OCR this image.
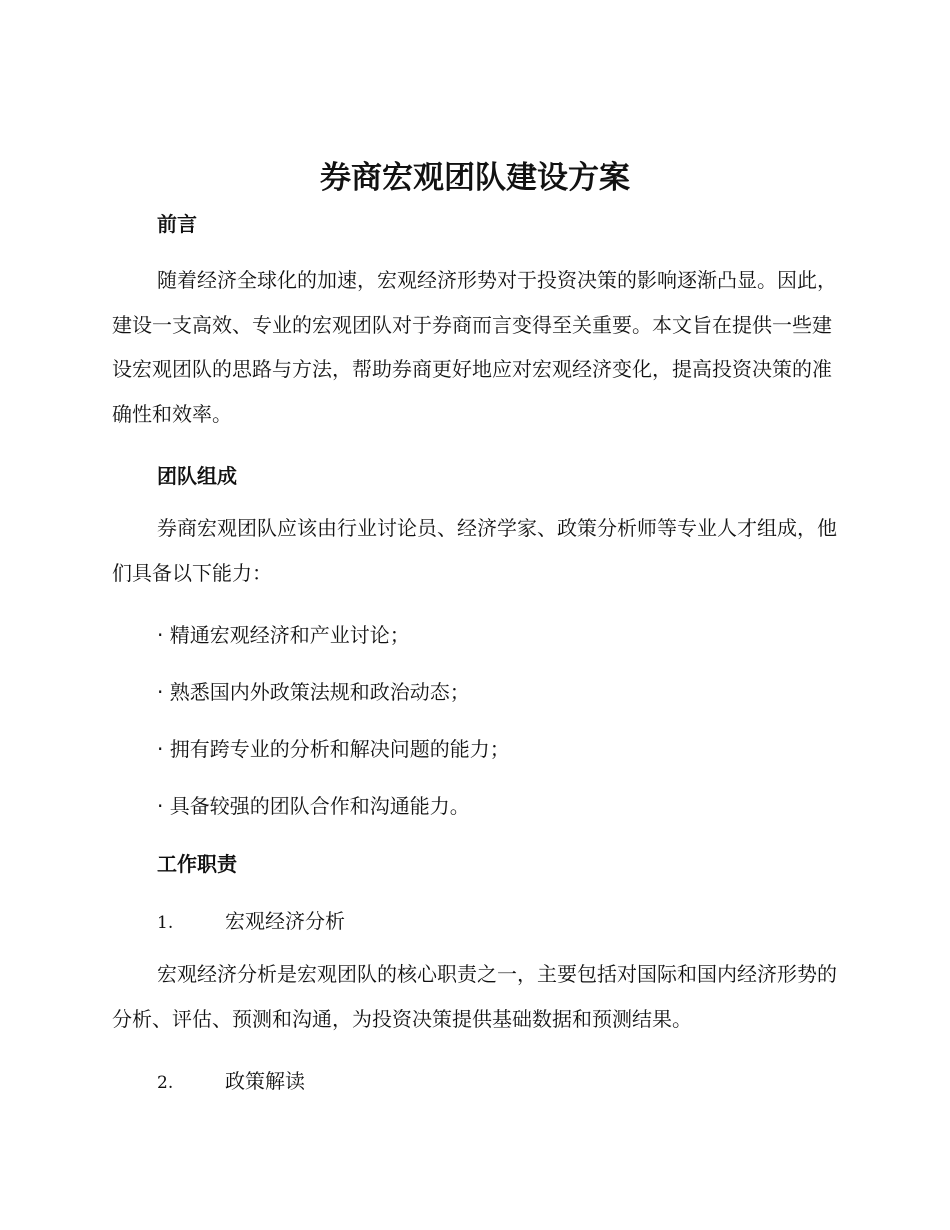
券商宏观团队建设方案
前言

随着经济全球化的加速，宏观经济形势对于投资决策的影响逐渐凸显。因此，建设一支高效、专业的宏观团队对于券商而言变得至关重要。本文旨在提供一些建设宏观团队的思路与方法，帮助券商更好地应对宏观经济变化，提高投资决策的准确性和效率。

团队组成

券商宏观团队应该由行业讨论员、经济学家、政策分析师等专业人才组成，他们具备以下能力：

· 精通宏观经济和产业讨论；
· 熟悉国内外政策法规和政治动态；
· 拥有跨专业的分析和解决问题的能力；
· 具备较强的团队合作和沟通能力。
工作职责
1.	宏观经济分析

宏观经济分析是宏观团队的核心职责之一，主要包括对国际和国内经济形势的分析、评估、预测和沟通，为投资决策提供基础数据和预测结果。

2.	政策解读
